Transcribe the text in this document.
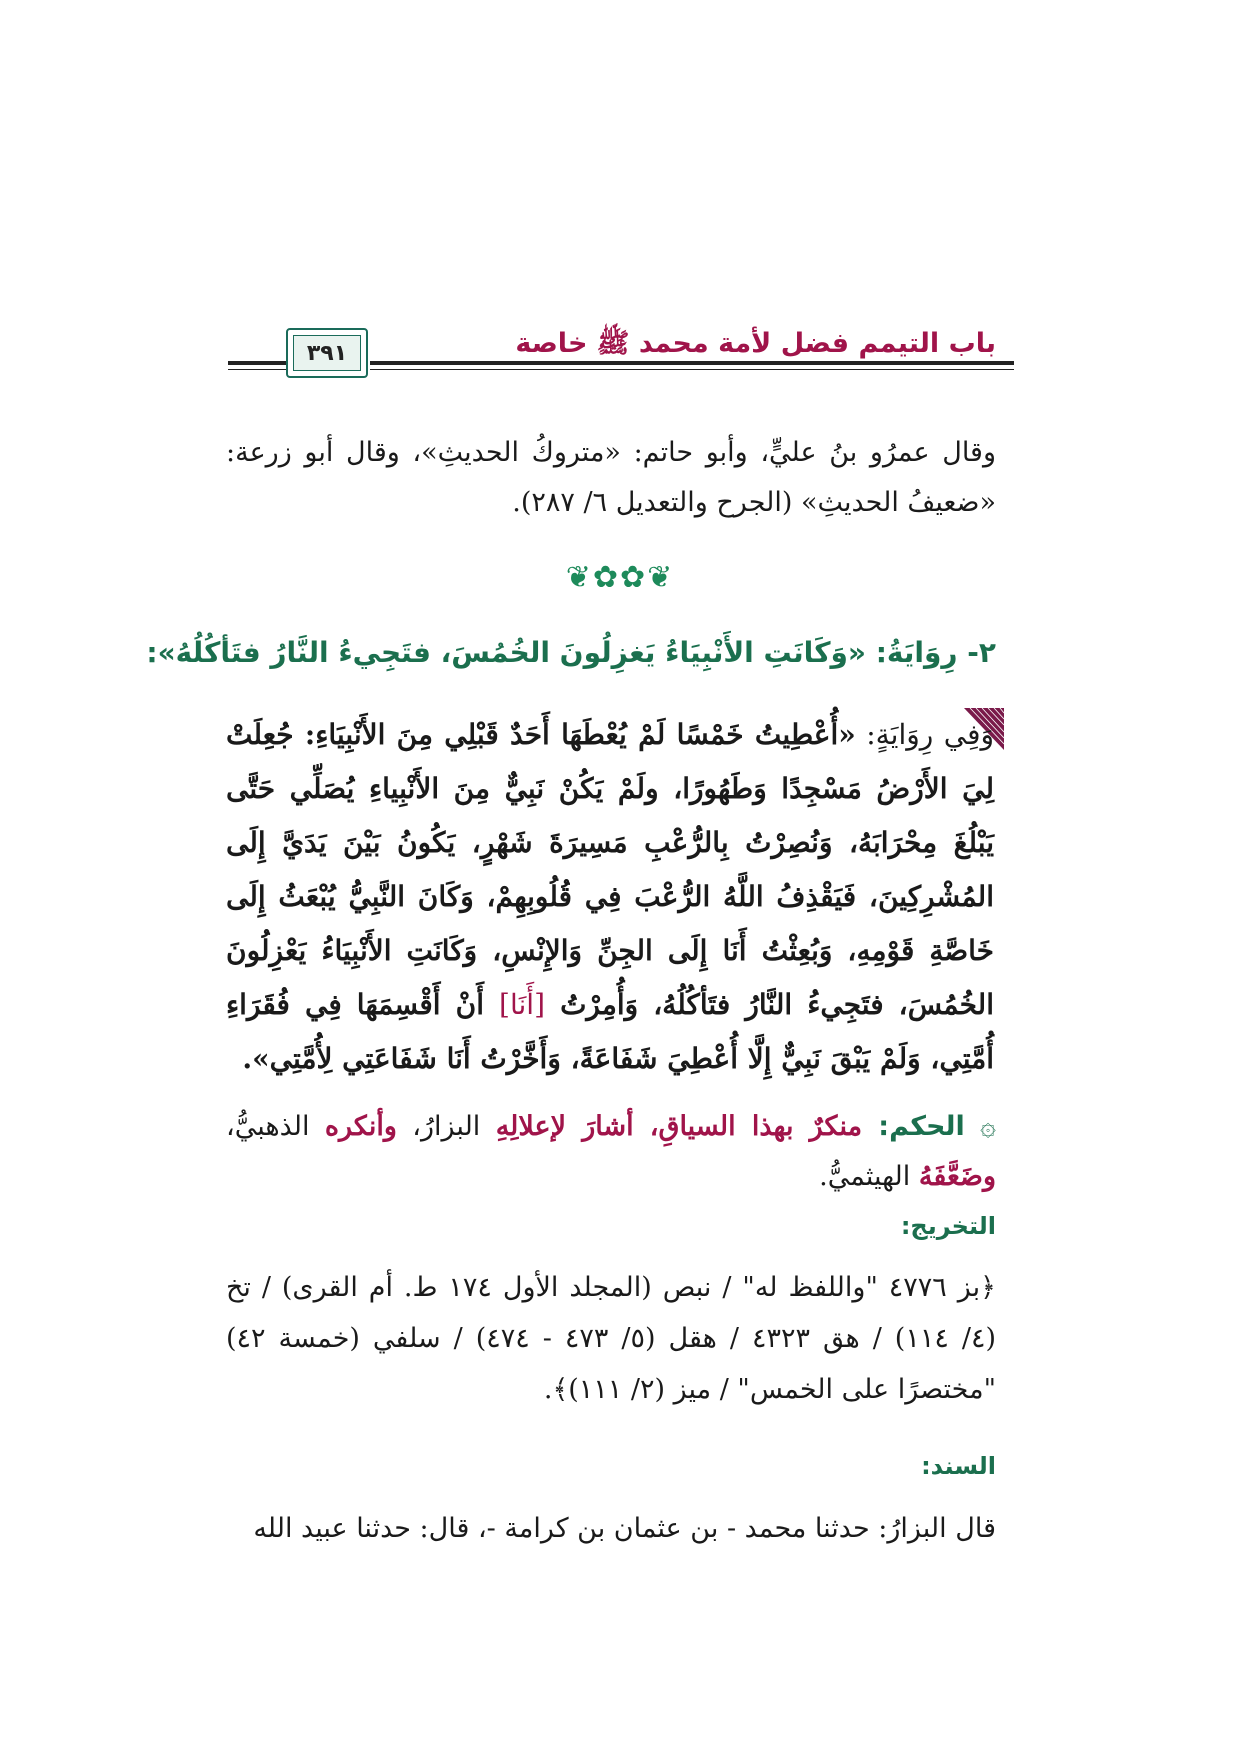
باب التيمم فضل لأمة محمد ﷺ خاصة
٣٩١
وقال عمرُو بنُ عليٍّ، وأبو حاتم: «متروكُ الحديثِ»، وقال أبو زرعة: «ضعيفُ الحديثِ» (الجرح والتعديل ٦/ ٢٨٧).
❦✿✿❦
٢- رِوَايَةُ: «وَكَانَتِ الأَنْبِيَاءُ يَغزِلُونَ الخُمُسَ، فتَجِيءُ النَّارُ فتَأكُلُهُ»:
وَفِي رِوَايَةٍ: «أُعْطِيتُ خَمْسًا لَمْ يُعْطَهَا أَحَدٌ قَبْلِي مِنَ الأَنْبِيَاءِ: جُعِلَتْ لِيَ الأَرْضُ مَسْجِدًا وَطَهُورًا، ولَمْ يَكُنْ نَبِيٌّ مِنَ الأَنْبِياءِ يُصَلِّي حَتَّى يَبْلُغَ مِحْرَابَهُ، وَنُصِرْتُ بِالرُّعْبِ مَسِيرَةَ شَهْرٍ، يَكُونُ بَيْنَ يَدَيَّ إِلَى المُشْرِكِينَ، فَيَقْذِفُ اللَّهُ الرُّعْبَ فِي قُلُوبِهِمْ، وَكَانَ النَّبِيُّ يُبْعَثُ إِلَى خَاصَّةِ قَوْمِهِ، وَبُعِثْتُ أَنَا إِلَى الجِنِّ وَالإِنْسِ، وَكَانَتِ الأَنْبِيَاءُ يَعْزِلُونَ الخُمُسَ، فتَجِيءُ النَّارُ فتَأكُلُهُ، وَأُمِرْتُ [أَنَا] أَنْ أَقْسِمَهَا فِي فُقَرَاءِ أُمَّتِي، وَلَمْ يَبْقَ نَبِيٌّ إِلَّا أُعْطِيَ شَفَاعَةً، وَأَخَّرْتُ أَنَا شَفَاعَتِي لِأُمَّتِي».
۞ الحكم: منكرٌ بهذا السياقِ، أشارَ لإعلالِهِ البزارُ، وأنكره الذهبيُّ، وضَعَّفَهُ الهيثميُّ.
التخريج:
﴿بز ٤٧٧٦ "واللفظ له" / نبص (المجلد الأول ١٧٤ ط. أم القرى) / تخ (٤/ ١١٤) / هق ٤٣٢٣ / هقل (٥/ ٤٧٣ - ٤٧٤) / سلفي (خمسة ٤٢) "مختصرًا على الخمس" / ميز (٢/ ١١١)﴾.
السند:
قال البزارُ: حدثنا محمد - بن عثمان بن كرامة -، قال: حدثنا عبيد الله
